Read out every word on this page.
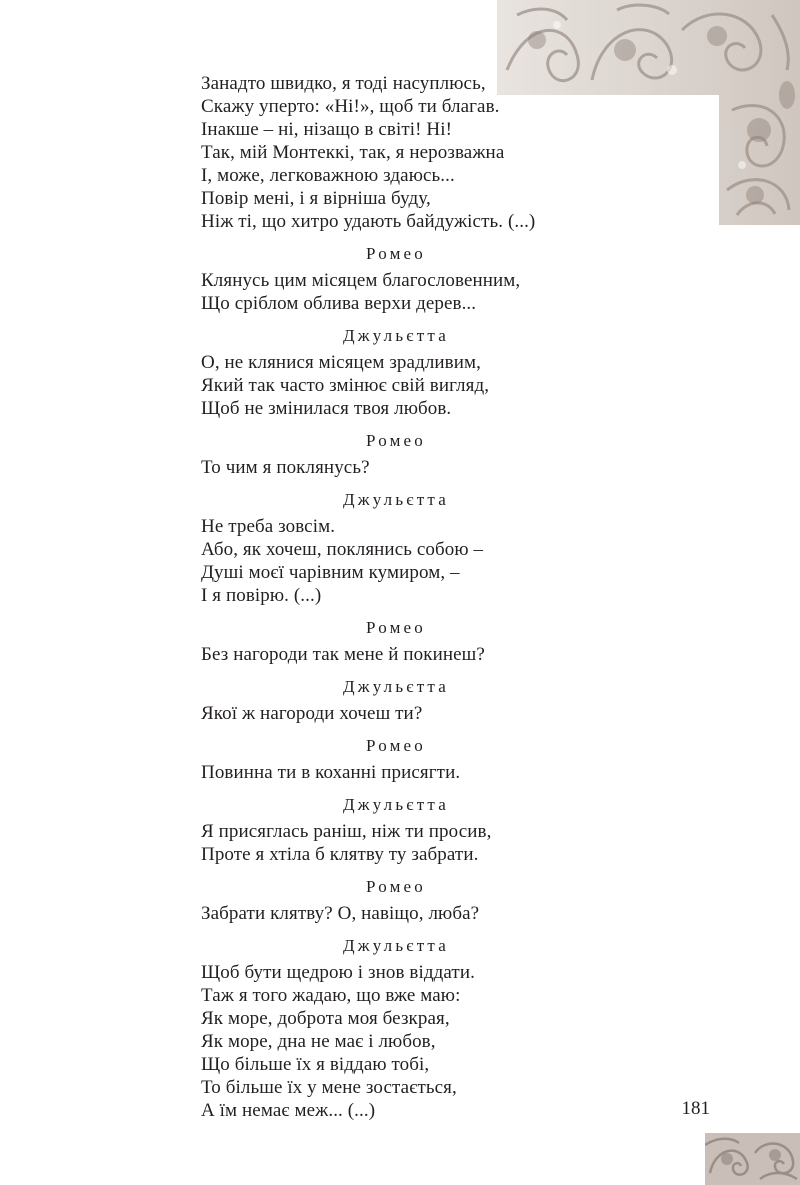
Занадто швидко, я тоді насуплюсь,
Скажу уперто: «Ні!», щоб ти благав.
Інакше – ні, нізащо в світі! Ні!
Так, мій Монтеккі, так, я нерозважна
І, може, легковажною здаюсь...
Повір мені, і я вірніша буду,
Ніж ті, що хитро удають байдужість. (...)
Ромео
Клянусь цим місяцем благословенним,
Що сріблом облива верхи дерев...
Джульєтта
О, не клянися місяцем зрадливим,
Який так часто змінює свій вигляд,
Щоб не змінилася твоя любов.
Ромео
То чим я поклянусь?
Джульєтта
Не треба зовсім.
Або, як хочеш, поклянись собою –
Душі моєї чарівним кумиром, –
І я повірю. (...)
Ромео
Без нагороди так мене й покинеш?
Джульєтта
Якої ж нагороди хочеш ти?
Ромео
Повинна ти в коханні присягти.
Джульєтта
Я присяглась раніш, ніж ти просив,
Проте я хтіла б клятву ту забрати.
Ромео
Забрати клятву? О, навіщо, люба?
Джульєтта
Щоб бути щедрою і знов віддати.
Таж я того жадаю, що вже маю:
Як море, доброта моя безкрая,
Як море, дна не має і любов,
Що більше їх я віддаю тобі,
То більше їх у мене зостається,
А їм немає меж... (...)	181
